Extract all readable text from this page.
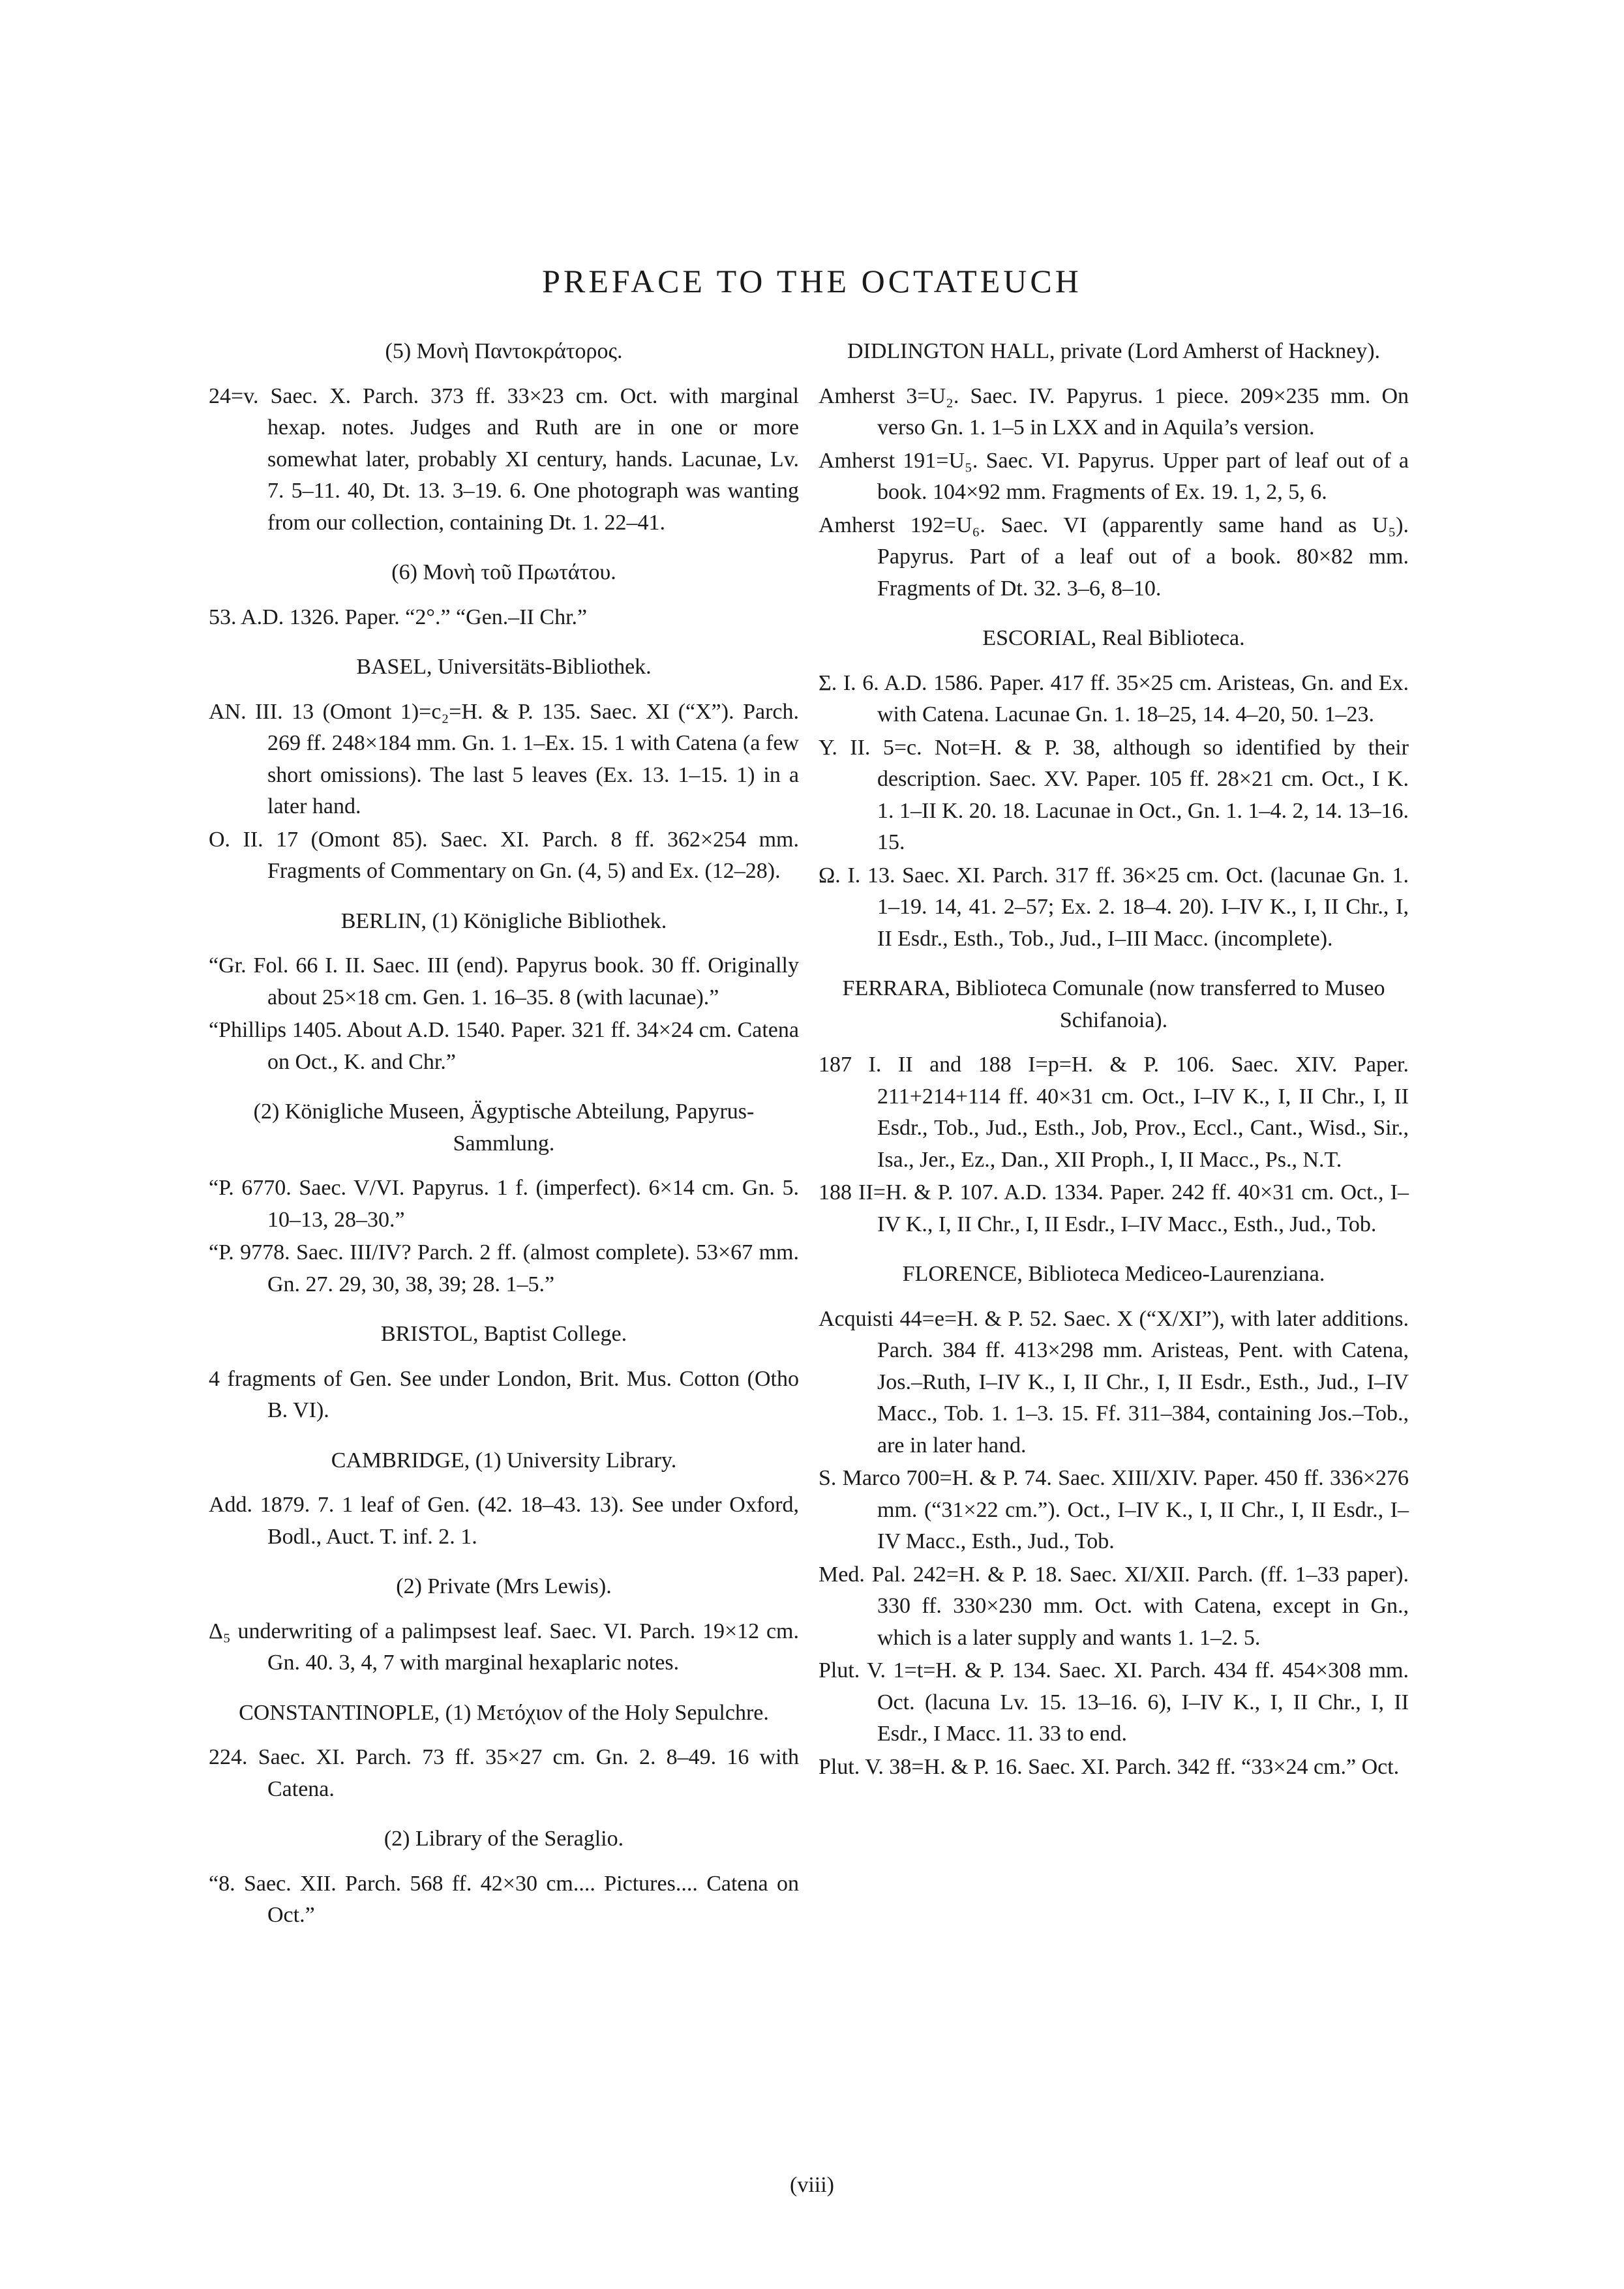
PREFACE TO THE OCTATEUCH
(5) Μονὴ Παντοκράτορος.
24=v. Saec. X. Parch. 373 ff. 33×23 cm. Oct. with marginal hexap. notes. Judges and Ruth are in one or more somewhat later, probably XI century, hands. Lacunae, Lv. 7. 5–11. 40, Dt. 13. 3–19. 6. One photograph was wanting from our collection, containing Dt. 1. 22–41.
(6) Μονὴ τοῦ Πρωτάτου.
53. A.D. 1326. Paper. “2°.” “Gen.–II Chr.”
BASEL, Universitäts-Bibliothek.
AN. III. 13 (Omont 1)=c₂=H. & P. 135. Saec. XI (“X”). Parch. 269 ff. 248×184 mm. Gn. 1. 1–Ex. 15. 1 with Catena (a few short omissions). The last 5 leaves (Ex. 13. 1–15. 1) in a later hand.
O. II. 17 (Omont 85). Saec. XI. Parch. 8 ff. 362×254 mm. Fragments of Commentary on Gn. (4, 5) and Ex. (12–28).
BERLIN, (1) Königliche Bibliothek.
“Gr. Fol. 66 I. II. Saec. III (end). Papyrus book. 30 ff. Originally about 25×18 cm. Gen. 1. 16–35. 8 (with lacunae).”
“Phillips 1405. About A.D. 1540. Paper. 321 ff. 34×24 cm. Catena on Oct., K. and Chr.”
(2) Königliche Museen, Ägyptische Abteilung, Papyrus-Sammlung.
“P. 6770. Saec. V/VI. Papyrus. 1 f. (imperfect). 6×14 cm. Gn. 5. 10–13, 28–30.”
“P. 9778. Saec. III/IV? Parch. 2 ff. (almost complete). 53×67 mm. Gn. 27. 29, 30, 38, 39; 28. 1–5.”
BRISTOL, Baptist College.
4 fragments of Gen. See under London, Brit. Mus. Cotton (Otho B. VI).
CAMBRIDGE, (1) University Library.
Add. 1879. 7. 1 leaf of Gen. (42. 18–43. 13). See under Oxford, Bodl., Auct. T. inf. 2. 1.
(2) Private (Mrs Lewis).
Δ₅ underwriting of a palimpsest leaf. Saec. VI. Parch. 19×12 cm. Gn. 40. 3, 4, 7 with marginal hexaplaric notes.
CONSTANTINOPLE, (1) Μετόχιον of the Holy Sepulchre.
224. Saec. XI. Parch. 73 ff. 35×27 cm. Gn. 2. 8–49. 16 with Catena.
(2) Library of the Seraglio.
“8. Saec. XII. Parch. 568 ff. 42×30 cm.... Pictures.... Catena on Oct.”
DIDLINGTON HALL, private (Lord Amherst of Hackney).
Amherst 3=U₂. Saec. IV. Papyrus. 1 piece. 209×235 mm. On verso Gn. 1. 1–5 in LXX and in Aquila’s version.
Amherst 191=U₅. Saec. VI. Papyrus. Upper part of leaf out of a book. 104×92 mm. Fragments of Ex. 19. 1, 2, 5, 6.
Amherst 192=U₆. Saec. VI (apparently same hand as U₅). Papyrus. Part of a leaf out of a book. 80×82 mm. Fragments of Dt. 32. 3–6, 8–10.
ESCORIAL, Real Biblioteca.
Σ. I. 6. A.D. 1586. Paper. 417 ff. 35×25 cm. Aristeas, Gn. and Ex. with Catena. Lacunae Gn. 1. 18–25, 14. 4–20, 50. 1–23.
Υ. II. 5=c. Not=H. & P. 38, although so identified by their description. Saec. XV. Paper. 105 ff. 28×21 cm. Oct., I K. 1. 1–II K. 20. 18. Lacunae in Oct., Gn. 1. 1–4. 2, 14. 13–16. 15.
Ω. I. 13. Saec. XI. Parch. 317 ff. 36×25 cm. Oct. (lacunae Gn. 1. 1–19. 14, 41. 2–57; Ex. 2. 18–4. 20). I–IV K., I, II Chr., I, II Esdr., Esth., Tob., Jud., I–III Macc. (incomplete).
FERRARA, Biblioteca Comunale (now transferred to Museo Schifanoia).
187 I. II and 188 I=p=H. & P. 106. Saec. XIV. Paper. 211+214+114 ff. 40×31 cm. Oct., I–IV K., I, II Chr., I, II Esdr., Tob., Jud., Esth., Job, Prov., Eccl., Cant., Wisd., Sir., Isa., Jer., Ez., Dan., XII Proph., I, II Macc., Ps., N.T.
188 II=H. & P. 107. A.D. 1334. Paper. 242 ff. 40×31 cm. Oct., I–IV K., I, II Chr., I, II Esdr., I–IV Macc., Esth., Jud., Tob.
FLORENCE, Biblioteca Mediceo-Laurenziana.
Acquisti 44=e=H. & P. 52. Saec. X (“X/XI”), with later additions. Parch. 384 ff. 413×298 mm. Aristeas, Pent. with Catena, Jos.–Ruth, I–IV K., I, II Chr., I, II Esdr., Esth., Jud., I–IV Macc., Tob. 1. 1–3. 15. Ff. 311–384, containing Jos.–Tob., are in later hand.
S. Marco 700=H. & P. 74. Saec. XIII/XIV. Paper. 450 ff. 336×276 mm. (“31×22 cm.”). Oct., I–IV K., I, II Chr., I, II Esdr., I–IV Macc., Esth., Jud., Tob.
Med. Pal. 242=H. & P. 18. Saec. XI/XII. Parch. (ff. 1–33 paper). 330 ff. 330×230 mm. Oct. with Catena, except in Gn., which is a later supply and wants 1. 1–2. 5.
Plut. V. 1=t=H. & P. 134. Saec. XI. Parch. 434 ff. 454×308 mm. Oct. (lacuna Lv. 15. 13–16. 6), I–IV K., I, II Chr., I, II Esdr., I Macc. 11. 33 to end.
Plut. V. 38=H. & P. 16. Saec. XI. Parch. 342 ff. “33×24 cm.” Oct.
(viii)
